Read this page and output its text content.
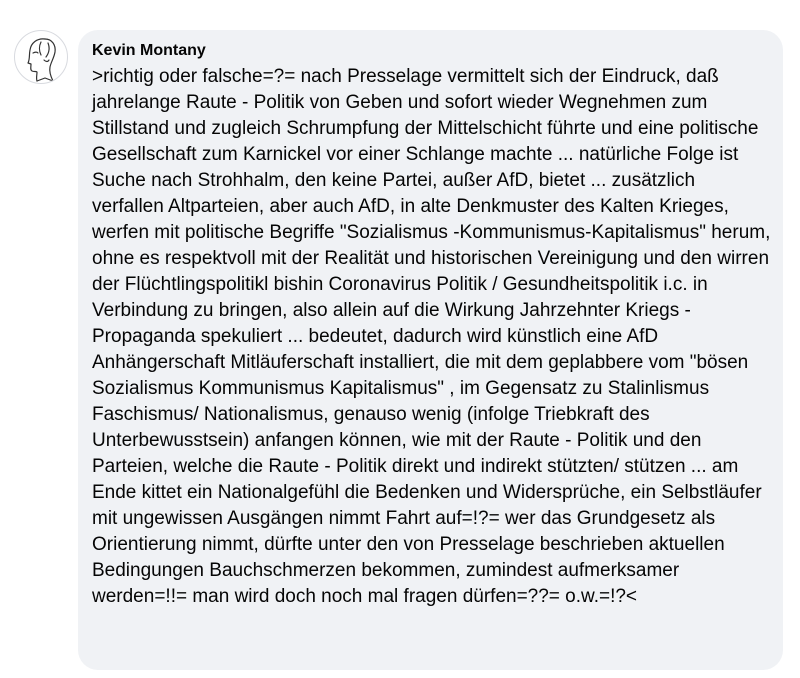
Kevin Montany
>richtig oder falsche=?= nach Presselage vermittelt sich der Eindruck, daß jahrelange Raute - Politik von Geben und sofort wieder Wegnehmen zum Stillstand und zugleich Schrumpfung der Mittelschicht führte und eine politische Gesellschaft zum Karnickel vor einer Schlange machte ... natürliche Folge ist Suche nach Strohhalm, den keine Partei, außer AfD, bietet ... zusätzlich verfallen Altparteien, aber auch AfD, in alte Denkmuster des Kalten Krieges, werfen mit politische Begriffe "Sozialismus -Kommunismus-Kapitalismus" herum, ohne es respektvoll mit der Realität und historischen Vereinigung und den wirren der Flüchtlingspolitikl bishin Coronavirus Politik / Gesundheitspolitik i.c. in Verbindung zu bringen, also allein auf die Wirkung Jahrzehnter Kriegs - Propaganda spekuliert ... bedeutet, dadurch wird künstlich eine AfD Anhängerschaft Mitläuferschaft installiert, die mit dem geplabbere vom "bösen Sozialismus Kommunismus Kapitalismus" , im Gegensatz zu Stalinlismus Faschismus/ Nationalismus, genauso wenig (infolge Triebkraft des Unterbewusstsein) anfangen können, wie mit der Raute - Politik und den Parteien, welche die Raute - Politik direkt und indirekt stützten/ stützen ... am Ende kittet ein Nationalgefühl die Bedenken und Widersprüche, ein Selbstläufer mit ungewissen Ausgängen nimmt Fahrt auf=!?= wer das Grundgesetz als Orientierung nimmt, dürfte unter den von Presselage beschrieben aktuellen Bedingungen Bauchschmerzen bekommen, zumindest aufmerksamer werden=!!= man wird doch noch mal fragen dürfen=??= o.w.=!?<
